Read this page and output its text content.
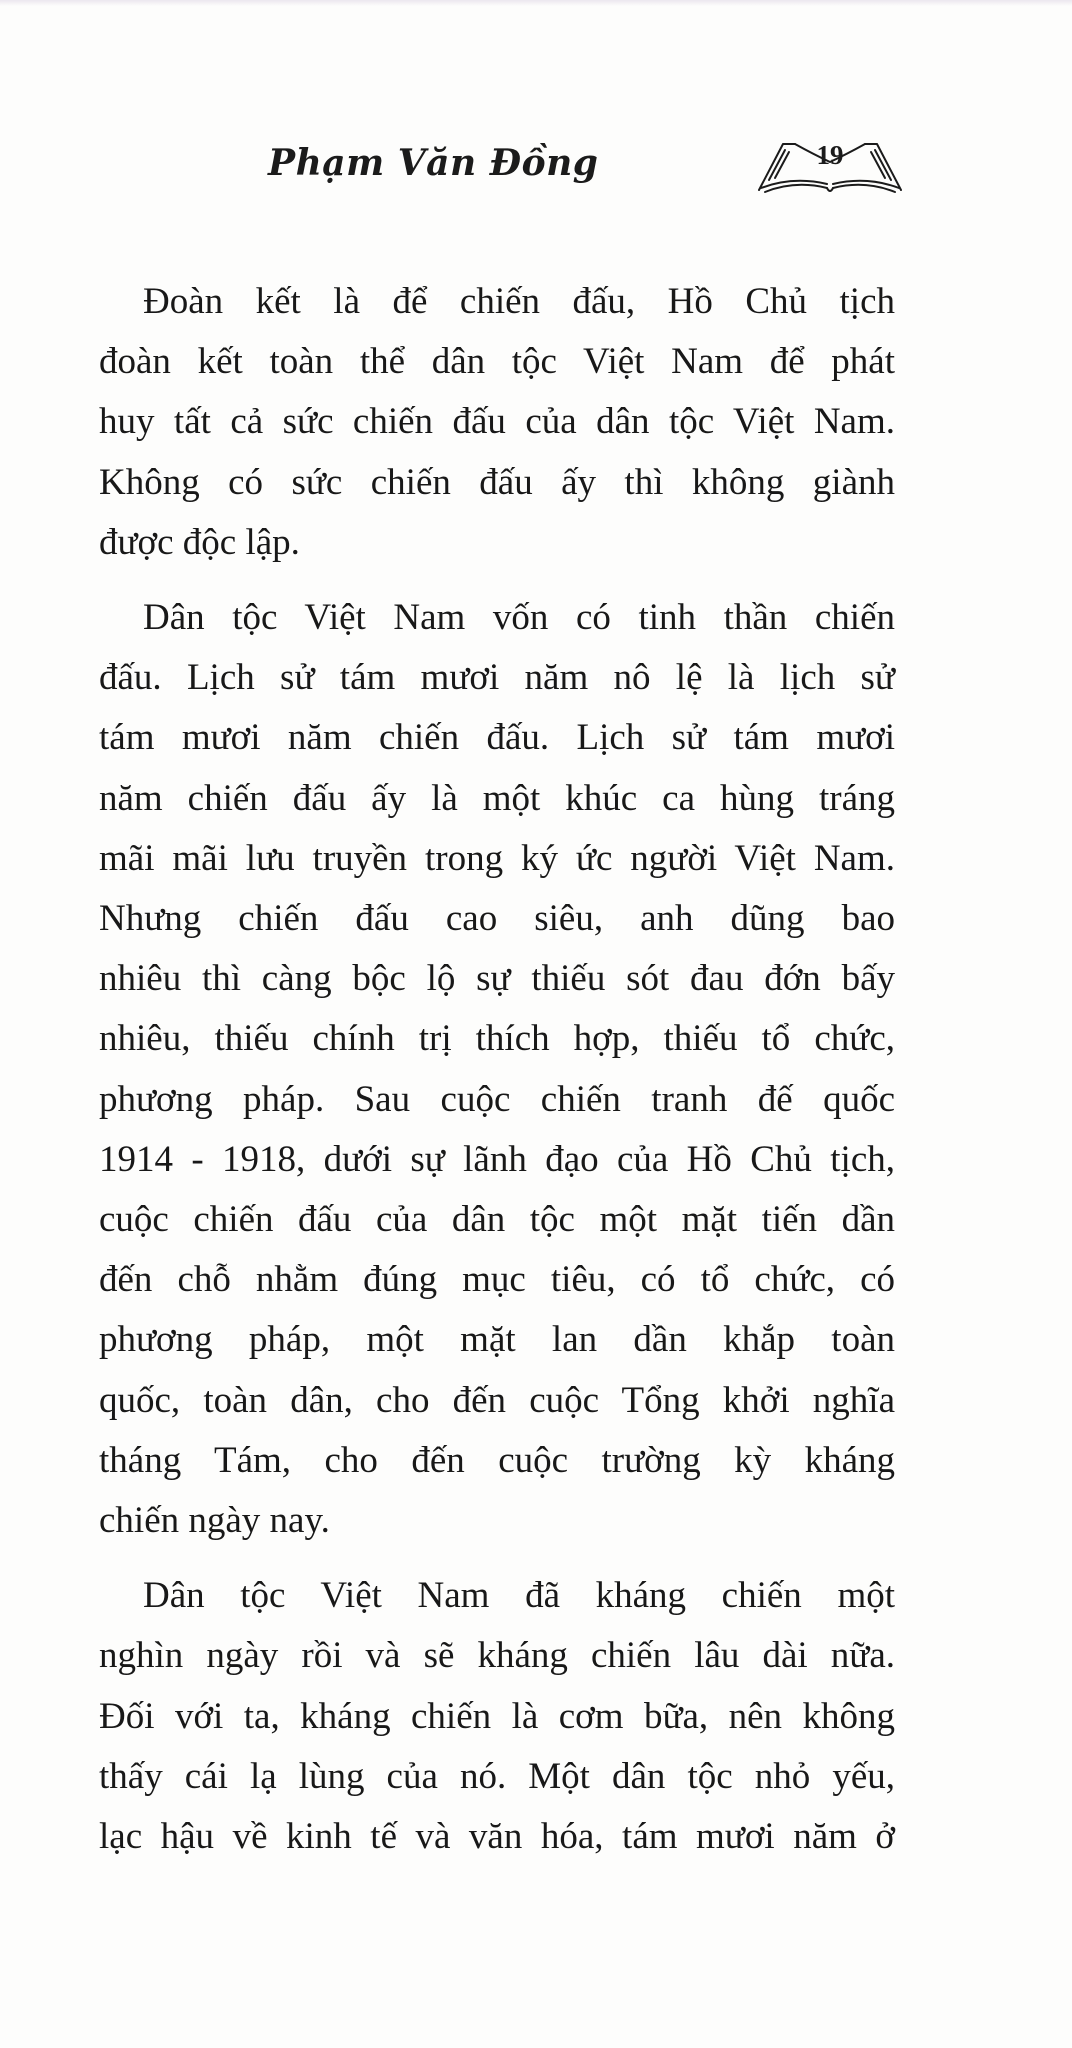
Phạm Văn Đồng	19
Đoàn kết là để chiến đấu, Hồ Chủ tịch
đoàn kết toàn thể dân tộc Việt Nam để phát
huy tất cả sức chiến đấu của dân tộc Việt Nam.
Không có sức chiến đấu ấy thì không giành
được độc lập.
Dân tộc Việt Nam vốn có tinh thần chiến
đấu. Lịch sử tám mươi năm nô lệ là lịch sử
tám mươi năm chiến đấu. Lịch sử tám mươi
năm chiến đấu ấy là một khúc ca hùng tráng
mãi mãi lưu truyền trong ký ức người Việt Nam.
Nhưng chiến đấu cao siêu, anh dũng bao
nhiêu thì càng bộc lộ sự thiếu sót đau đớn bấy
nhiêu, thiếu chính trị thích hợp, thiếu tổ chức,
phương pháp. Sau cuộc chiến tranh đế quốc
1914 - 1918, dưới sự lãnh đạo của Hồ Chủ tịch,
cuộc chiến đấu của dân tộc một mặt tiến dần
đến chỗ nhằm đúng mục tiêu, có tổ chức, có
phương pháp, một mặt lan dần khắp toàn
quốc, toàn dân, cho đến cuộc Tổng khởi nghĩa
tháng Tám, cho đến cuộc trường kỳ kháng
chiến ngày nay.
Dân tộc Việt Nam đã kháng chiến một
nghìn ngày rồi và sẽ kháng chiến lâu dài nữa.
Đối với ta, kháng chiến là cơm bữa, nên không
thấy cái lạ lùng của nó. Một dân tộc nhỏ yếu,
lạc hậu về kinh tế và văn hóa, tám mươi năm ở
